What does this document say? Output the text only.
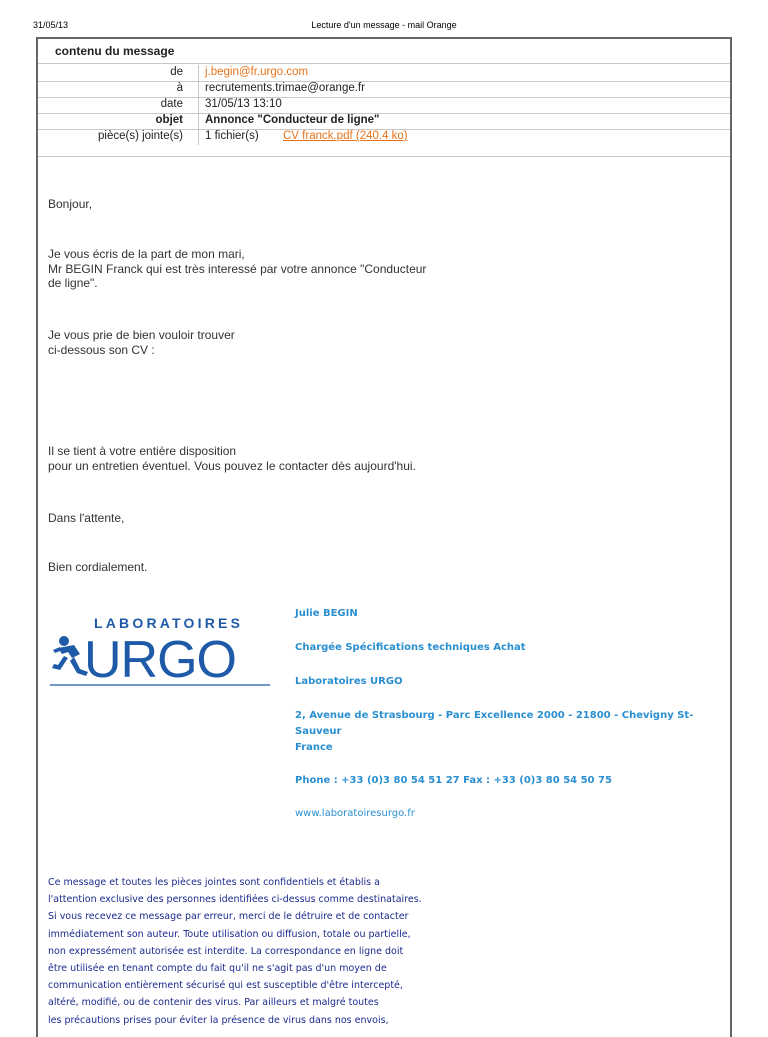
31/05/13	Lecture d'un message - mail Orange
contenu du message
de j.begin@fr.urgo.com
à recrutements.trimae@orange.fr
date 31/05/13 13:10
objet Annonce "Conducteur de ligne"
pièce(s) jointe(s) 1 fichier(s) CV franck.pdf (240.4 ko)
Bonjour,
Je vous écris de la part de mon mari,
Mr BEGIN Franck qui est très interessé par votre annonce "Conducteur
de ligne".
Je vous prie de bien vouloir trouver
ci-dessous son CV :
Il se tient à votre entière disposition
pour un entretien éventuel. Vous pouvez le contacter dès aujourd'hui.
Dans l'attente,
Bien cordialement.
LABORATOIRES
URGO
Julie BEGIN
Chargée Spécifications techniques Achat
Laboratoires URGO
2, Avenue de Strasbourg - Parc Excellence 2000 - 21800 - Chevigny St-
Sauveur
France
Phone : +33 (0)3 80 54 51 27 Fax : +33 (0)3 80 54 50 75
www.laboratoiresurgo.fr
Ce message et toutes les pièces jointes sont confidentiels et établis a
l'attention exclusive des personnes identifiées ci-dessus comme destinataires.
Si vous recevez ce message par erreur, merci de le détruire et de contacter
immédiatement son auteur. Toute utilisation ou diffusion, totale ou partielle,
non expressément autorisée est interdite. La correspondance en ligne doit
être utilisée en tenant compte du fait qu'il ne s'agit pas d'un moyen de
communication entièrement sécurisé qui est susceptible d'être intercepté,
altéré, modifié, ou de contenir des virus. Par ailleurs et malgré toutes
les précautions prises pour éviter la présence de virus dans nos envois,
